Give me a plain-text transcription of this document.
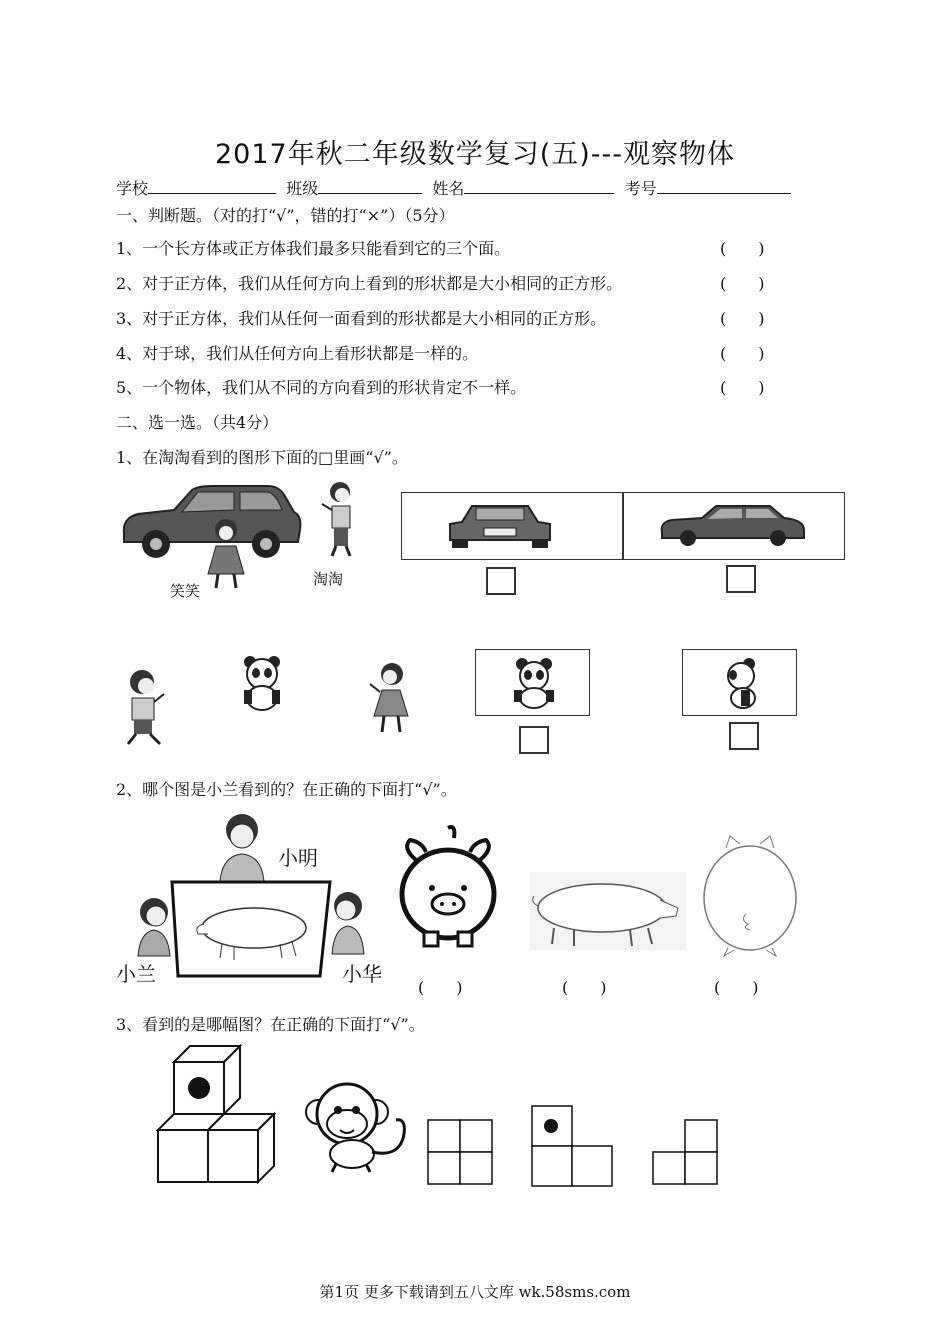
2017年秋二年级数学复习(五)---观察物体
学校	班级	姓名	考号
一、判断题。（对的打“√”，错的打“×”）（5分）
1、一个长方体或正方体我们最多只能看到它的三个面。	(　　)
2、对于正方体，我们从任何方向上看到的形状都是大小相同的正方形。	(　　)
3、对于正方体，我们从任何一面看到的形状都是大小相同的正方形。	(　　)
4、对于球，我们从任何方向上看形状都是一样的。	(　　)
5、一个物体，我们从不同的方向看到的形状肯定不一样。	(　　)
二、选一选。（共4分）
1、在淘淘看到的图形下面的□里画“√”。
笑笑
淘淘
2、哪个图是小兰看到的？在正确的下面打“√”。
小明
小兰	小华
(　　)	(　　)	(　　)
3、看到的是哪幅图？在正确的下面打“√”。
第1页 更多下载请到五八文库 wk.58sms.com
